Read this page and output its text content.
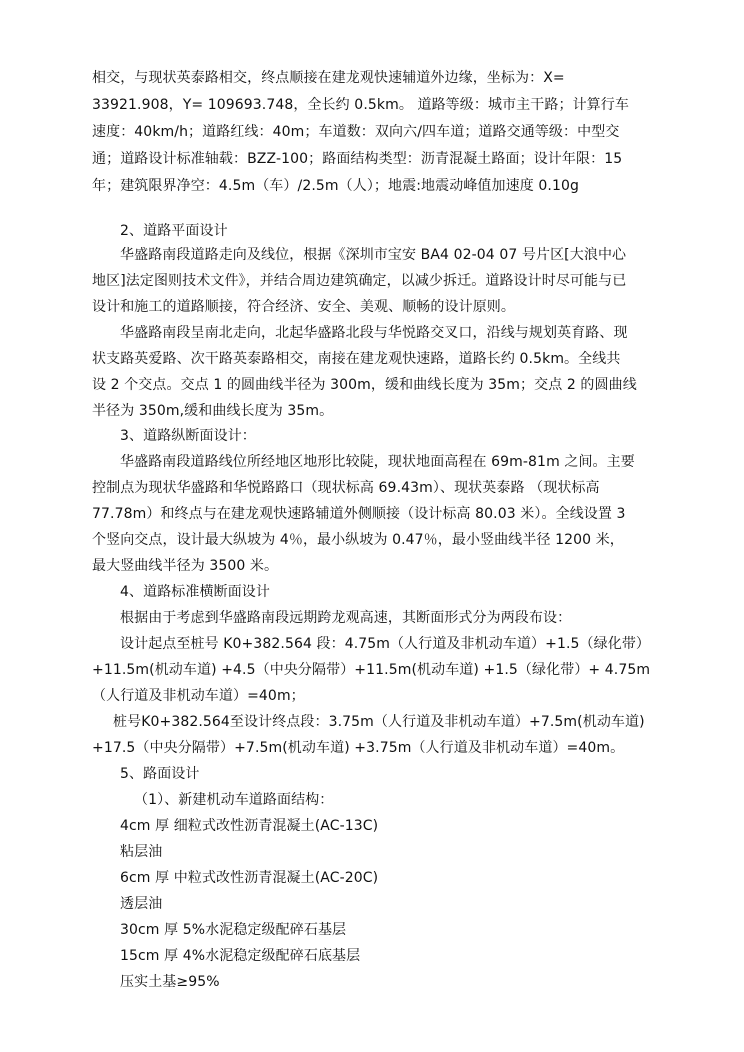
相交，与现状英泰路相交，终点顺接在建龙观快速辅道外边缘，坐标为：X=
33921.908，Y= 109693.748，全长约 0.5km。 道路等级：城市主干路；计算行车
速度：40km/h；道路红线：40m；车道数：双向六/四车道；道路交通等级：中型交
通；道路设计标准轴载：BZZ-100；路面结构类型：沥青混凝土路面；设计年限：15
年；建筑限界净空：4.5m（车）/2.5m（人）；地震:地震动峰值加速度 0.10g
2、道路平面设计
华盛路南段道路走向及线位，根据《深圳市宝安 BA4 02-04 07 号片区[大浪中心
地区]法定图则技术文件》，并结合周边建筑确定，以减少拆迁。道路设计时尽可能与已
设计和施工的道路顺接，符合经济、安全、美观、顺畅的设计原则。
华盛路南段呈南北走向，北起华盛路北段与华悦路交叉口，沿线与规划英育路、现
状支路英爱路、次干路英泰路相交，南接在建龙观快速路，道路长约 0.5km。全线共
设 2 个交点。交点 1 的圆曲线半径为 300m，缓和曲线长度为 35m；交点 2 的圆曲线
半径为 350m,缓和曲线长度为 35m。
3、道路纵断面设计：
华盛路南段道路线位所经地区地形比较陡，现状地面高程在 69m-81m 之间。主要
控制点为现状华盛路和华悦路路口（现状标高 69.43m）、现状英泰路 （现状标高
77.78m）和终点与在建龙观快速路辅道外侧顺接（设计标高 80.03 米）。全线设置 3
个竖向交点，设计最大纵坡为 4％，最小纵坡为 0.47％，最小竖曲线半径 1200 米，
最大竖曲线半径为 3500 米。
4、道路标准横断面设计
根据由于考虑到华盛路南段远期跨龙观高速，其断面形式分为两段布设：
设计起点至桩号 K0+382.564 段：4.75m（人行道及非机动车道）+1.5（绿化带）
+11.5m(机动车道) +4.5（中央分隔带）+11.5m(机动车道) +1.5（绿化带）+ 4.75m
（人行道及非机动车道）=40m；
桩号K0+382.564至设计终点段：3.75m（人行道及非机动车道）+7.5m(机动车道)
+17.5（中央分隔带）+7.5m(机动车道) +3.75m（人行道及非机动车道）=40m。
5、路面设计
（1）、新建机动车道路面结构：
4cm 厚 细粒式改性沥青混凝土(AC-13C)
粘层油
6cm 厚 中粒式改性沥青混凝土(AC-20C)
透层油
30cm 厚 5%水泥稳定级配碎石基层
15cm 厚 4%水泥稳定级配碎石底基层
压实土基≥95%
